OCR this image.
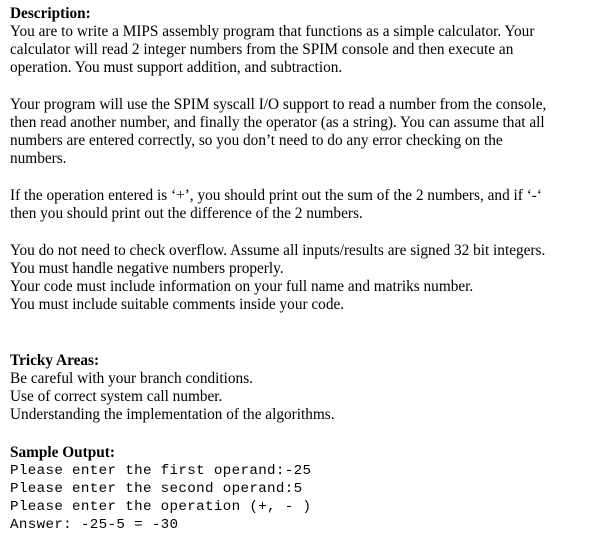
Description:
You are to write a MIPS assembly program that functions as a simple calculator. Your
calculator will read 2 integer numbers from the SPIM console and then execute an
operation. You must support addition, and subtraction.
Your program will use the SPIM syscall I/O support to read a number from the console,
then read another number, and finally the operator (as a string). You can assume that all
numbers are entered correctly, so you don’t need to do any error checking on the
numbers.
If the operation entered is ‘+’, you should print out the sum of the 2 numbers, and if ‘-‘
then you should print out the difference of the 2 numbers.
You do not need to check overflow. Assume all inputs/results are signed 32 bit integers.
You must handle negative numbers properly.
Your code must include information on your full name and matriks number.
You must include suitable comments inside your code.
Tricky Areas:
Be careful with your branch conditions.
Use of correct system call number.
Understanding the implementation of the algorithms.
Sample Output:
Please enter the first operand:-25
Please enter the second operand:5
Please enter the operation (+, - )
Answer: -25-5 = -30
